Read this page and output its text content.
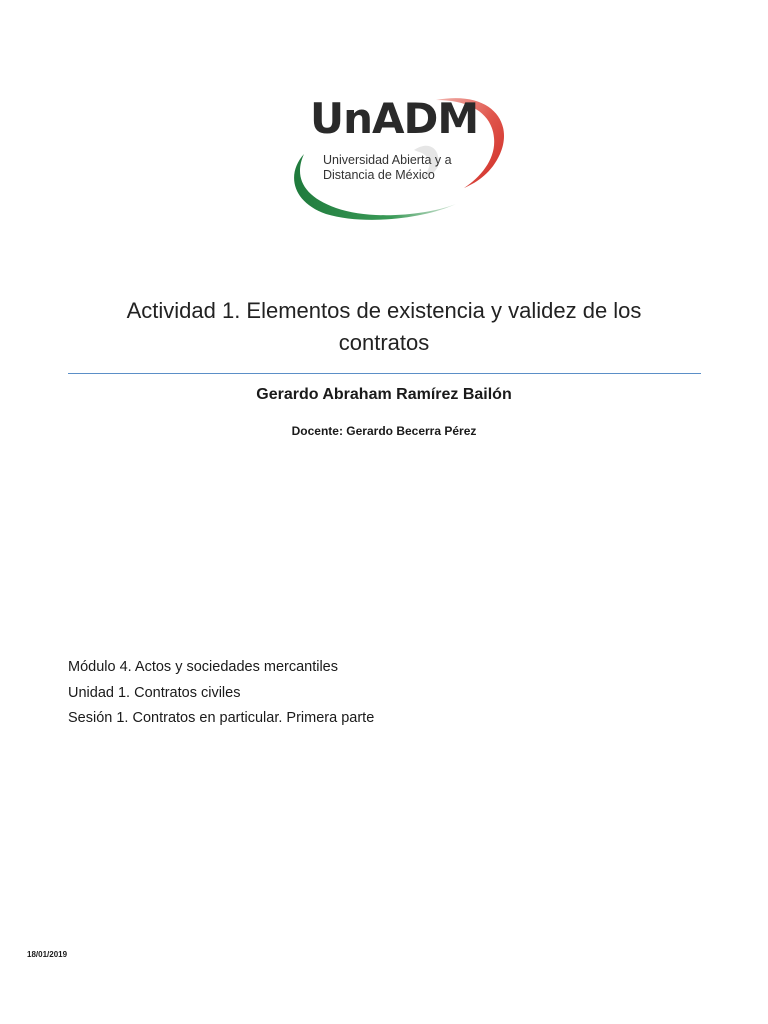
UnADM
Universidad Abierta y a
Distancia de México
Actividad 1. Elementos de existencia y validez de los contratos
Gerardo Abraham Ramírez Bailón
Docente: Gerardo Becerra Pérez
Módulo 4. Actos y sociedades mercantiles
Unidad 1. Contratos civiles
Sesión 1. Contratos en particular. Primera parte
18/01/2019
